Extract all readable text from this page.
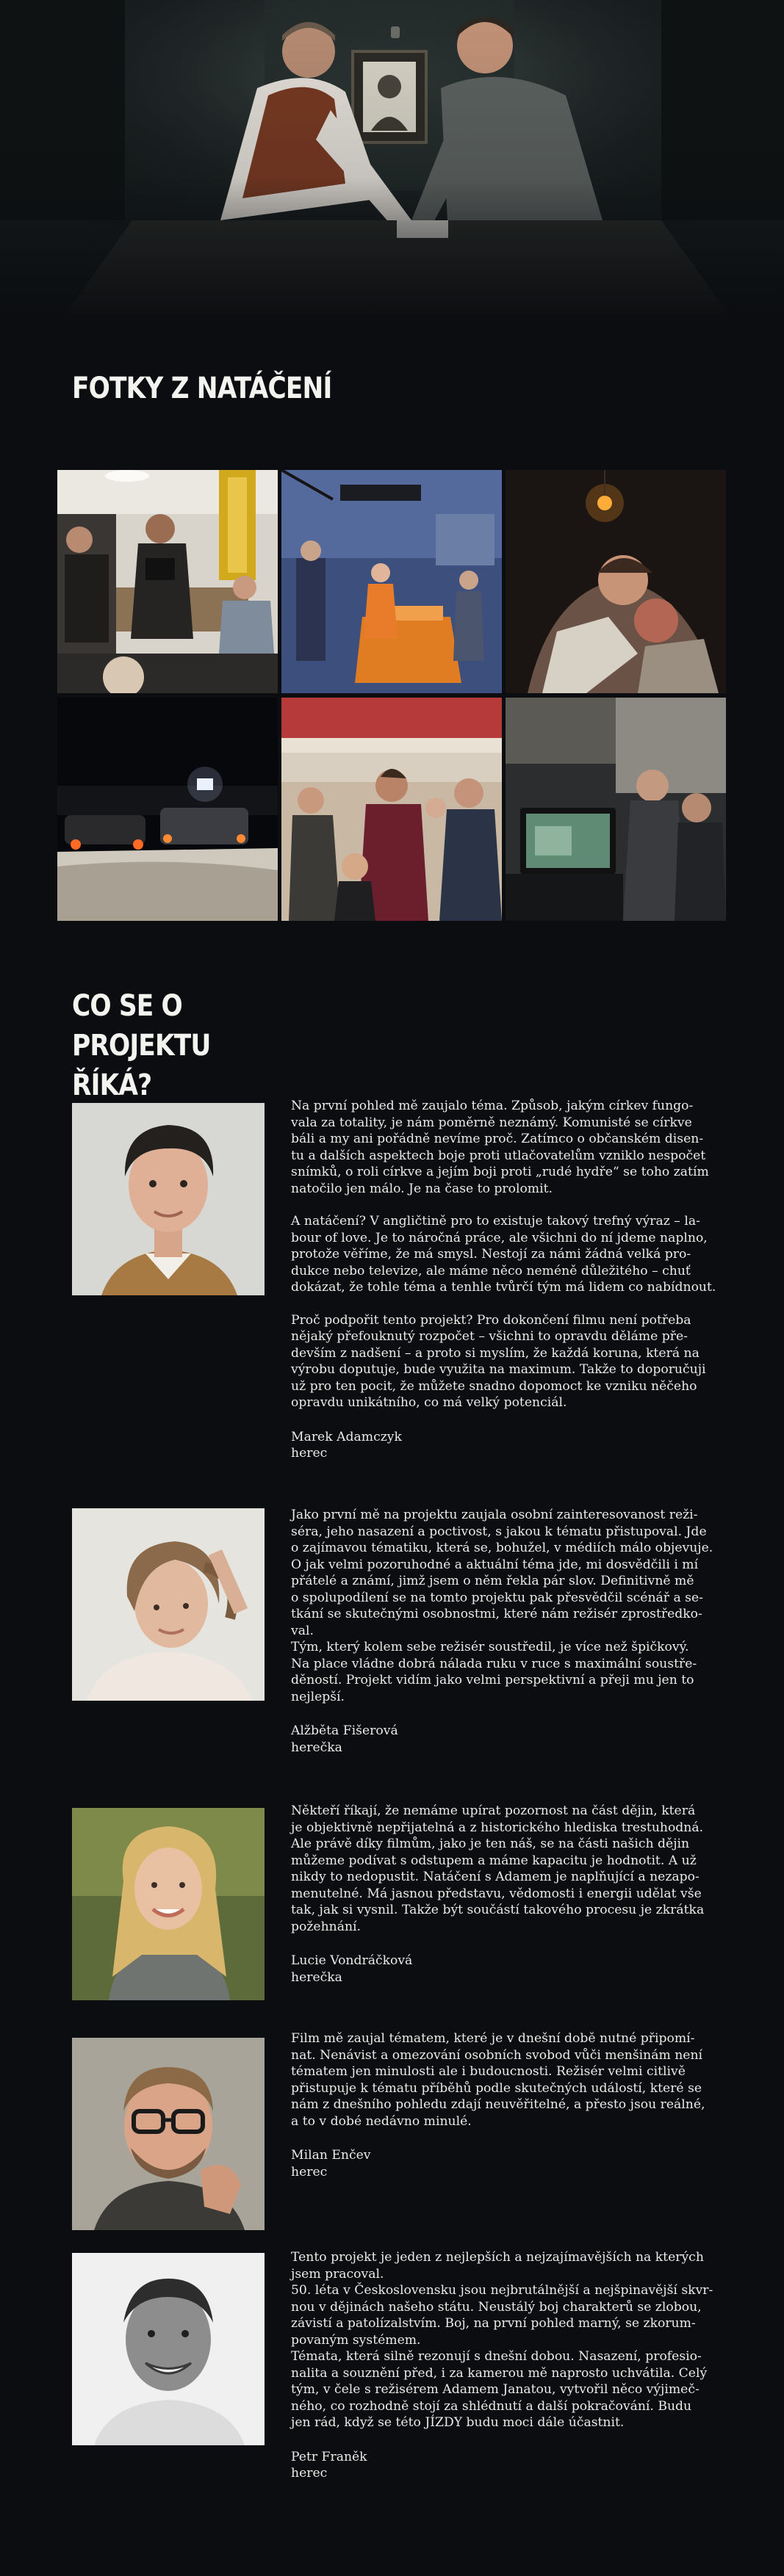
FOTKY Z NATÁČENÍ
CO SE O PROJEKTU ŘÍKÁ?

Na první pohled mě zaujalo téma. Způsob, jakým církev fungo-
vala za totality, je nám poměrně neznámý. Komunisté se církve
báli a my ani pořádně nevíme proč. Zatímco o občanském disen-
tu a dalších aspektech boje proti utlačovatelům vzniklo nespočet
snímků, o roli církve a jejím boji proti „rudé hydře“ se toho zatím
natočilo jen málo. Je na čase to prolomit.

A natáčení? V angličtině pro to existuje takový trefný výraz – la-
bour of love. Je to náročná práce, ale všichni do ní jdeme naplno,
protože věříme, že má smysl. Nestojí za námi žádná velká pro-
dukce nebo televize, ale máme něco neméně důležitého – chuť
dokázat, že tohle téma a tenhle tvůrčí tým má lidem co nabídnout.

Proč podpořit tento projekt? Pro dokončení filmu není potřeba
nějaký přefouknutý rozpočet – všichni to opravdu děláme pře-
devším z nadšení – a proto si myslím, že každá koruna, která na
výrobu doputuje, bude využita na maximum. Takže to doporučuji
už pro ten pocit, že můžete snadno dopomoct ke vzniku něčeho
opravdu unikátního, co má velký potenciál.

Marek Adamczyk
herec

Jako první mě na projektu zaujala osobní zainteresovanost reži-
séra, jeho nasazení a poctivost, s jakou k tématu přistupoval. Jde
o zajímavou tématiku, která se, bohužel, v médiích málo objevuje.
O jak velmi pozoruhodné a aktuální téma jde, mi dosvědčili i mí
přátelé a známí, jimž jsem o něm řekla pár slov. Definitivně mě
o spolupodílení se na tomto projektu pak přesvědčil scénář a se-
tkání se skutečnými osobnostmi, které nám režisér zprostředko-
val.
Tým, který kolem sebe režisér soustředil, je více než špičkový.
Na place vládne dobrá nálada ruku v ruce s maximální soustře-
děností. Projekt vidím jako velmi perspektivní a přeji mu jen to
nejlepší.

Alžběta Fišerová
herečka

Někteří říkají, že nemáme upírat pozornost na část dějin, která
je objektivně nepřijatelná a z historického hlediska trestuhodná.
Ale právě díky filmům, jako je ten náš, se na části našich dějin
můžeme podívat s odstupem a máme kapacitu je hodnotit. A už
nikdy to nedopustit. Natáčení s Adamem je naplňující a nezapo-
menutelné. Má jasnou představu, vědomosti i energii udělat vše
tak, jak si vysnil. Takže být součástí takového procesu je zkrátka
požehnání.

Lucie Vondráčková
herečka

Film mě zaujal tématem, které je v dnešní době nutné připomí-
nat. Nenávist a omezování osobních svobod vůči menšinám není
tématem jen minulosti ale i budoucnosti. Režisér velmi citlivě
přistupuje k tématu příběhů podle skutečných událostí, které se
nám z dnešního pohledu zdají neuvěřitelné, a přesto jsou reálné,
a to v dobé nedávno minulé.

Milan Enčev
herec

Tento projekt je jeden z nejlepších a nejzajímavějších na kterých
jsem pracoval.
50. léta v Československu jsou nejbrutálnější a nejšpinavější skvr-
nou v dějinách našeho státu. Neustálý boj charakterů se zlobou,
závistí a patolízalstvím. Boj, na první pohled marný, se zkorum-
povaným systémem.
Témata, která silně rezonují s dnešní dobou. Nasazení, profesio-
nalita a souznění před, i za kamerou mě naprosto uchvátila. Celý
tým, v čele s režisérem Adamem Janatou, vytvořil něco výjimeč-
ného, co rozhodně stojí za shlédnutí a další pokračování. Budu
jen rád, když se této JÍZDY budu moci dále účastnit.

Petr Franěk
herec
